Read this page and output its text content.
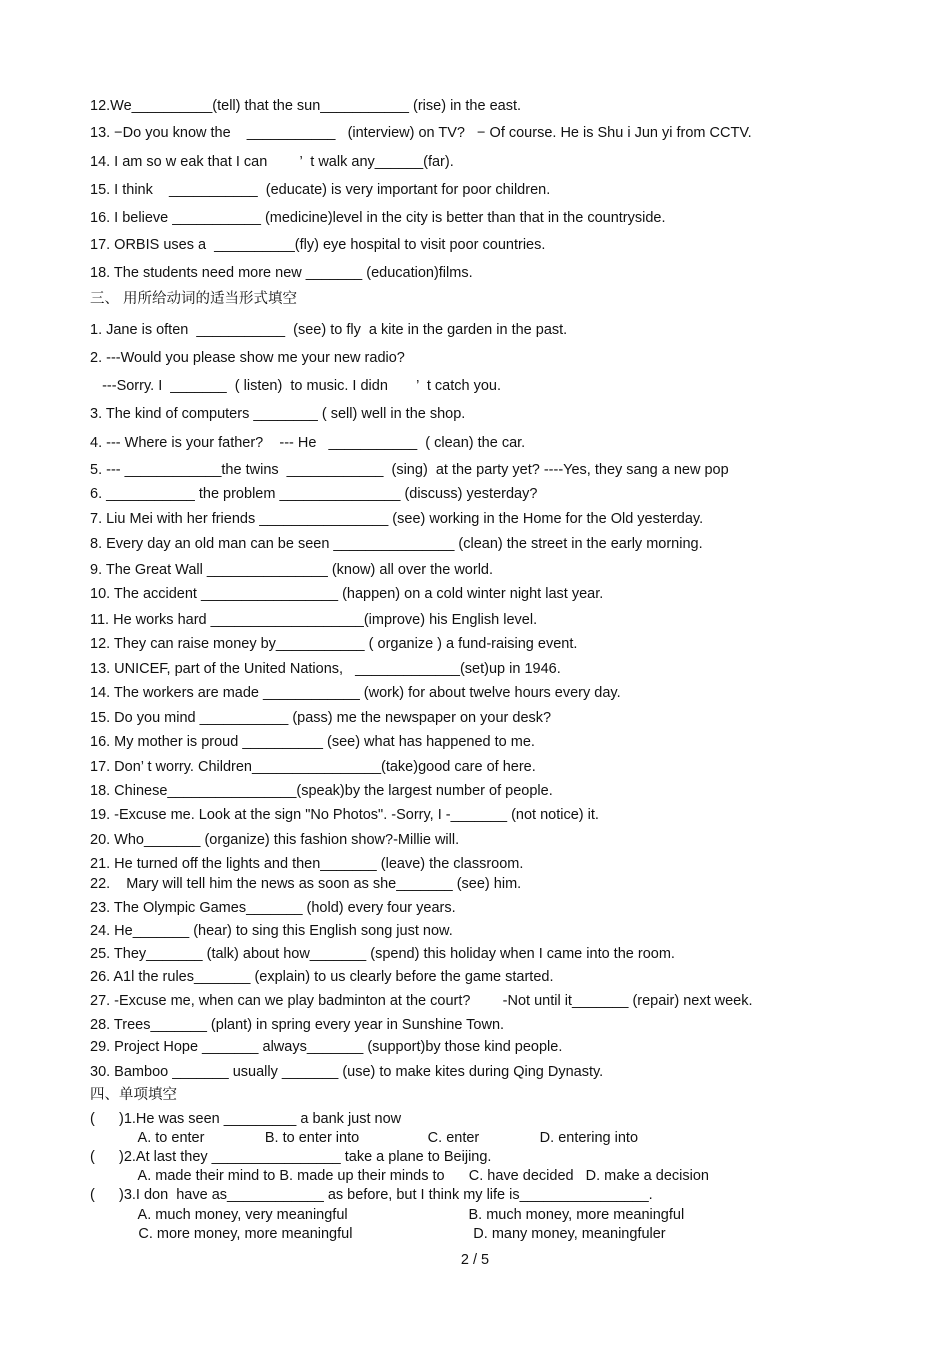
12.We__________(tell) that the sun___________ (rise) in the east.
13. −Do you know the    ___________   (interview) on TV?   − Of course. He is Shu i Jun yi from CCTV.
14. I am so w eak that I can        ’  t walk any______(far).
15. I think    ___________  (educate) is very important for poor children.
16. I believe ___________ (medicine)level in the city is better than that in the countryside.
17. ORBIS uses a  __________(fly) eye hospital to visit poor countries.
18. The students need more new _______ (education)films.
三、 用所给动词的适当形式填空
1. Jane is often  ___________  (see) to fly  a kite in the garden in the past.
2. ---Would you please show me your new radio?
---Sorry. I  _______  ( listen)  to music. I didn       ’  t catch you.
3. The kind of computers ________ ( sell) well in the shop.
4. --- Where is your father?    --- He   ___________  ( clean) the car.
5. --- ____________the twins  ____________  (sing)  at the party yet? ----Yes, they sang a new pop
6. ___________ the problem _______________ (discuss) yesterday?
7. Liu Mei with her friends ________________ (see) working in the Home for the Old yesterday.
8. Every day an old man can be seen _______________ (clean) the street in the early morning.
9. The Great Wall _______________ (know) all over the world.
10. The accident _________________ (happen) on a cold winter night last year.
11. He works hard ___________________(improve) his English level.
12. They can raise money by___________ ( organize ) a fund-raising event.
13. UNICEF, part of the United Nations,   _____________(set)up in 1946.
14. The workers are made ____________ (work) for about twelve hours every day.
15. Do you mind ___________ (pass) me the newspaper on your desk?
16. My mother is proud __________ (see) what has happened to me.
17. Don’ t worry. Children________________(take)good care of here.
18. Chinese________________(speak)by the largest number of people.
19. -Excuse me. Look at the sign "No Photos". -Sorry, I -_______ (not notice) it.
20. Who_______ (organize) this fashion show?-Millie will.
21. He turned off the lights and then_______ (leave) the classroom.
22.    Mary will tell him the news as soon as she_______ (see) him.
23. The Olympic Games_______ (hold) every four years.
24. He_______ (hear) to sing this English song just now.
25. They_______ (talk) about how_______ (spend) this holiday when I came into the room.
26. A1l the rules_______ (explain) to us clearly before the game started.
27. -Excuse me, when can we play badminton at the court?        -Not until it_______ (repair) next week.
28. Trees_______ (plant) in spring every year in Sunshine Town.
29. Project Hope _______ always_______ (support)by those kind people.
30. Bamboo _______ usually _______ (use) to make kites during Qing Dynasty.
四、单项填空
(      )1.He was seen _________ a bank just now
A. to enter               B. to enter into                 C. enter               D. entering into
(      )2.At last they ________________ take a plane to Beijing.
A. made their mind to B. made up their minds to      C. have decided   D. make a decision
(      )3.I don  have as____________ as before, but I think my life is________________.
A. much money, very meaningful                              B. much money, more meaningful
C. more money, more meaningful                              D. many money, meaningfuler
2 / 5
